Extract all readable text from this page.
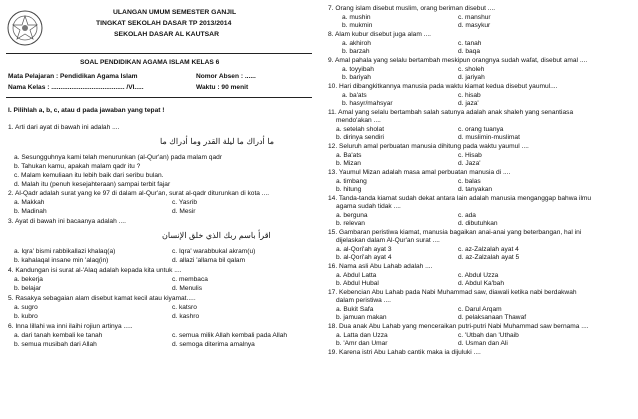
ULANGAN UMUM SEMESTER GANJIL
TINGKAT SEKOLAH DASAR TP 2013/2014
SEKOLAH DASAR AL KAUTSAR
SOAL PENDIDIKAN AGAMA ISLAM KELAS 6
Mata Pelajaran : Pendidikan Agama Islam	Nomor Absen : ......
Nama Kelas : ........................................ /VI.....	Waktu : 90 menit
I. Pilihlah a, b, c, atau d pada jawaban yang tepat !
1. Arti dari ayat di bawah ini adalah ....
ﻣﺎ ﺃﺩﺭﺍﻙ ﻣﺎ ﻟﻴﻠﺔ ﺍﻟﻘﺪﺭ ﻭﻣﺎ ﺃﺩﺭﺍﻙ ﻣﺎ
a. Sesungguhnya kami telah menurunkan (al-Qur'an) pada malam qadr
b. Tahukan kamu, apakah malam qadr itu ?
c. Malam kemuliaan itu lebih baik dari seribu bulan.
d. Malah itu (penuh kesejahteraan) sampai terbit fajar
2. Al-Qadr adalah surat yang ke 97 di dalam al-Qur'an, surat al-qadr diturunkan di kota ....
a. Makkah	c. Yasrib
b. Madinah	d. Mesir
3. Ayat di bawah ini bacaanya adalah ....
ﺍﻗﺮﺃ ﺑﺎﺳﻢ ﺭﺑﻚ ﺍﻟﺬﻱ ﺧﻠﻖ ﺍﻹﻧﺴﺎﻥ
a. Iqra' bismi rabbikallazi khalaq(a)	c. Iqra' warabbukal akram(u)
b. kahalaqal insane min 'alaq(in)	d. allazi 'allama bil qalam
4. Kandungan isi surat al-'Alaq adalah kepada kita untuk ....
a. bekerja	c. membaca
b. belajar	d. Menulis
5. Rasakya sebagaian alam disebut kamat kecil atau kiyamat.....
a. sugro	c. katsro
b. kubro	d. kashro
6. Inna lillahi wa inni ilaihi rojiun artinya .....
a. dari tanah kembali ke tanah	c. semua milik Allah kembali pada Allah
b. semua musibah dari Allah	d. semoga diterima amalnya
7. Orang islam disebut muslim, orang beriman disebut ....
a. mushin	c. manshur
b. mukmin	d. masykur
8. Alam kubur disebut juga alam ....
a. akhiroh	c. tanah
b. barzah	d. baqa
9. Amal pahala yang selalu bertambah meskipun orangnya sudah wafat, disebut amal ....
a. toyyibah	c. sholeh
b. bariyah	d. jariyah
10. Hari dibangkitkannya manusia pada waktu kiamat kedua disebut yaumul....
a. ba'ats	c. hisab
b. hasyr/mahsyar	d. jaza'
11. Amal yang selalu bertambah salah satunya adalah anak shaleh yang senantiasa
mendo'akan ....
a. setelah sholat	c. orang tuanya
b. dirinya sendiri	d. muslimin-muslimat
12. Seluruh amal perbuatan manusia dihitung pada waktu yaumul ....
a. Ba'ats	c. Hisab
b. Mizan	d. Jaza'
13. Yaumul Mizan adalah masa amal perbuatan manusia di ....
a. timbang	c. balas
b. hitung	d. tanyakan
14. Tanda-tanda kiamat sudah dekat antara lain adalah manusia menganggap bahwa ilmu
agama sudah tidak ....
a. berguna	c. ada
b. relevan	d. dibutuhkan
15. Gambaran peristiwa kiamat, manusia bagaikan anai-anai yang beterbangan, hal ini
dijelaskan dalam Al-Qur'an surat ....
a. al-Qori'ah ayat 3	c. az-Zalzalah ayat 4
b. al-Qori'ah ayat 4	d. az-Zalzalah ayat 5
16. Nama asli Abu Lahab adalah ....
a. Abdul Latta	c. Abdul Uzza
b. Abdul Hubal	d. Abdul Ka'bah
17. Kebencian Abu Lahab pada Nabi Muhammad saw, diawali ketika nabi berdakwah
dalam peristiwa ....
a. Bukit Safa	c. Darul Arqam
b. jamuan makan	d. pelaksanaan Thawaf
18. Dua anak Abu Lahab yang menceraikan putri-putri Nabi Muhammad saw bernama ....
a. Latta dan Uzza	c. 'Utbah dan 'Uthaib
b. 'Amr dan Umar	d. Usman dan Ali
19. Karena istri Abu Lahab cantik maka ia dijuluki ....
